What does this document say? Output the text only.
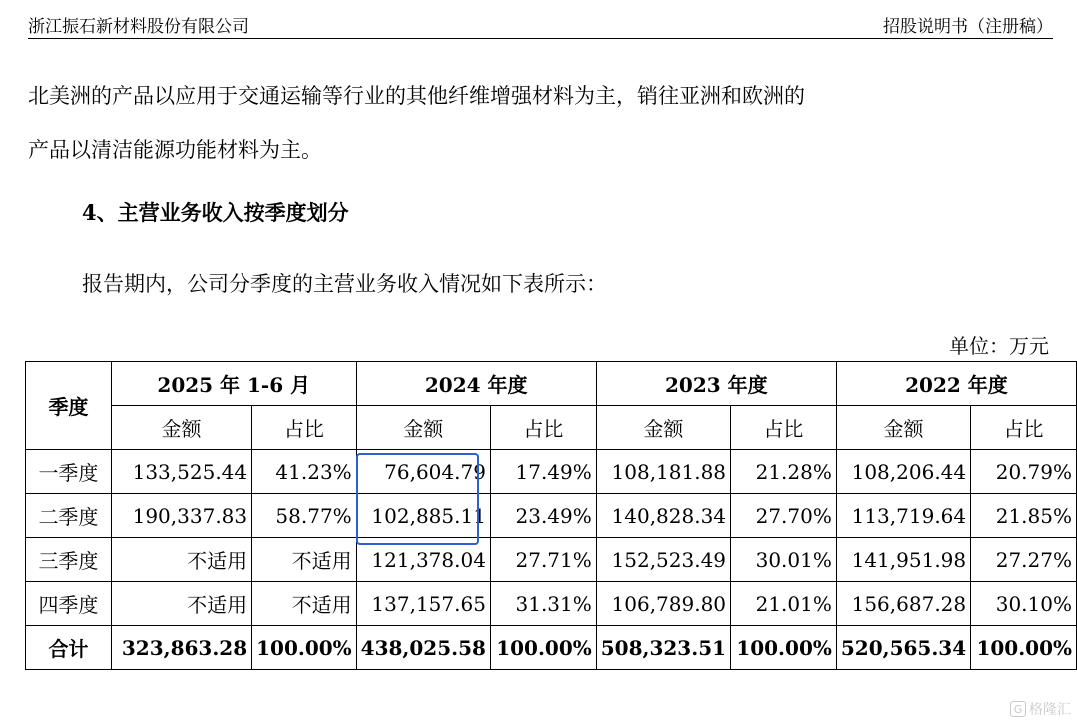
浙江振石新材料股份有限公司	招股说明书（注册稿）
北美洲的产品以应用于交通运输等行业的其他纤维增强材料为主，销往亚洲和欧洲的
产品以清洁能源功能材料为主。
4、主营业务收入按季度划分
报告期内，公司分季度的主营业务收入情况如下表所示：
单位：万元
季度	2025 年 1-6 月		2024 年度		2023 年度		2022 年度	
	金额	占比	金额	占比	金额	占比	金额	占比
一季度	133,525.44	41.23%	76,604.79	17.49%	108,181.88	21.28%	108,206.44	20.79%
二季度	190,337.83	58.77%	102,885.11	23.49%	140,828.34	27.70%	113,719.64	21.85%
三季度	不适用	不适用	121,378.04	27.71%	152,523.49	30.01%	141,951.98	27.27%
四季度	不适用	不适用	137,157.65	31.31%	106,789.80	21.01%	156,687.28	30.10%
合计	323,863.28	100.00%	438,025.58	100.00%	508,323.51	100.00%	520,565.34	100.00%
G 格隆汇
